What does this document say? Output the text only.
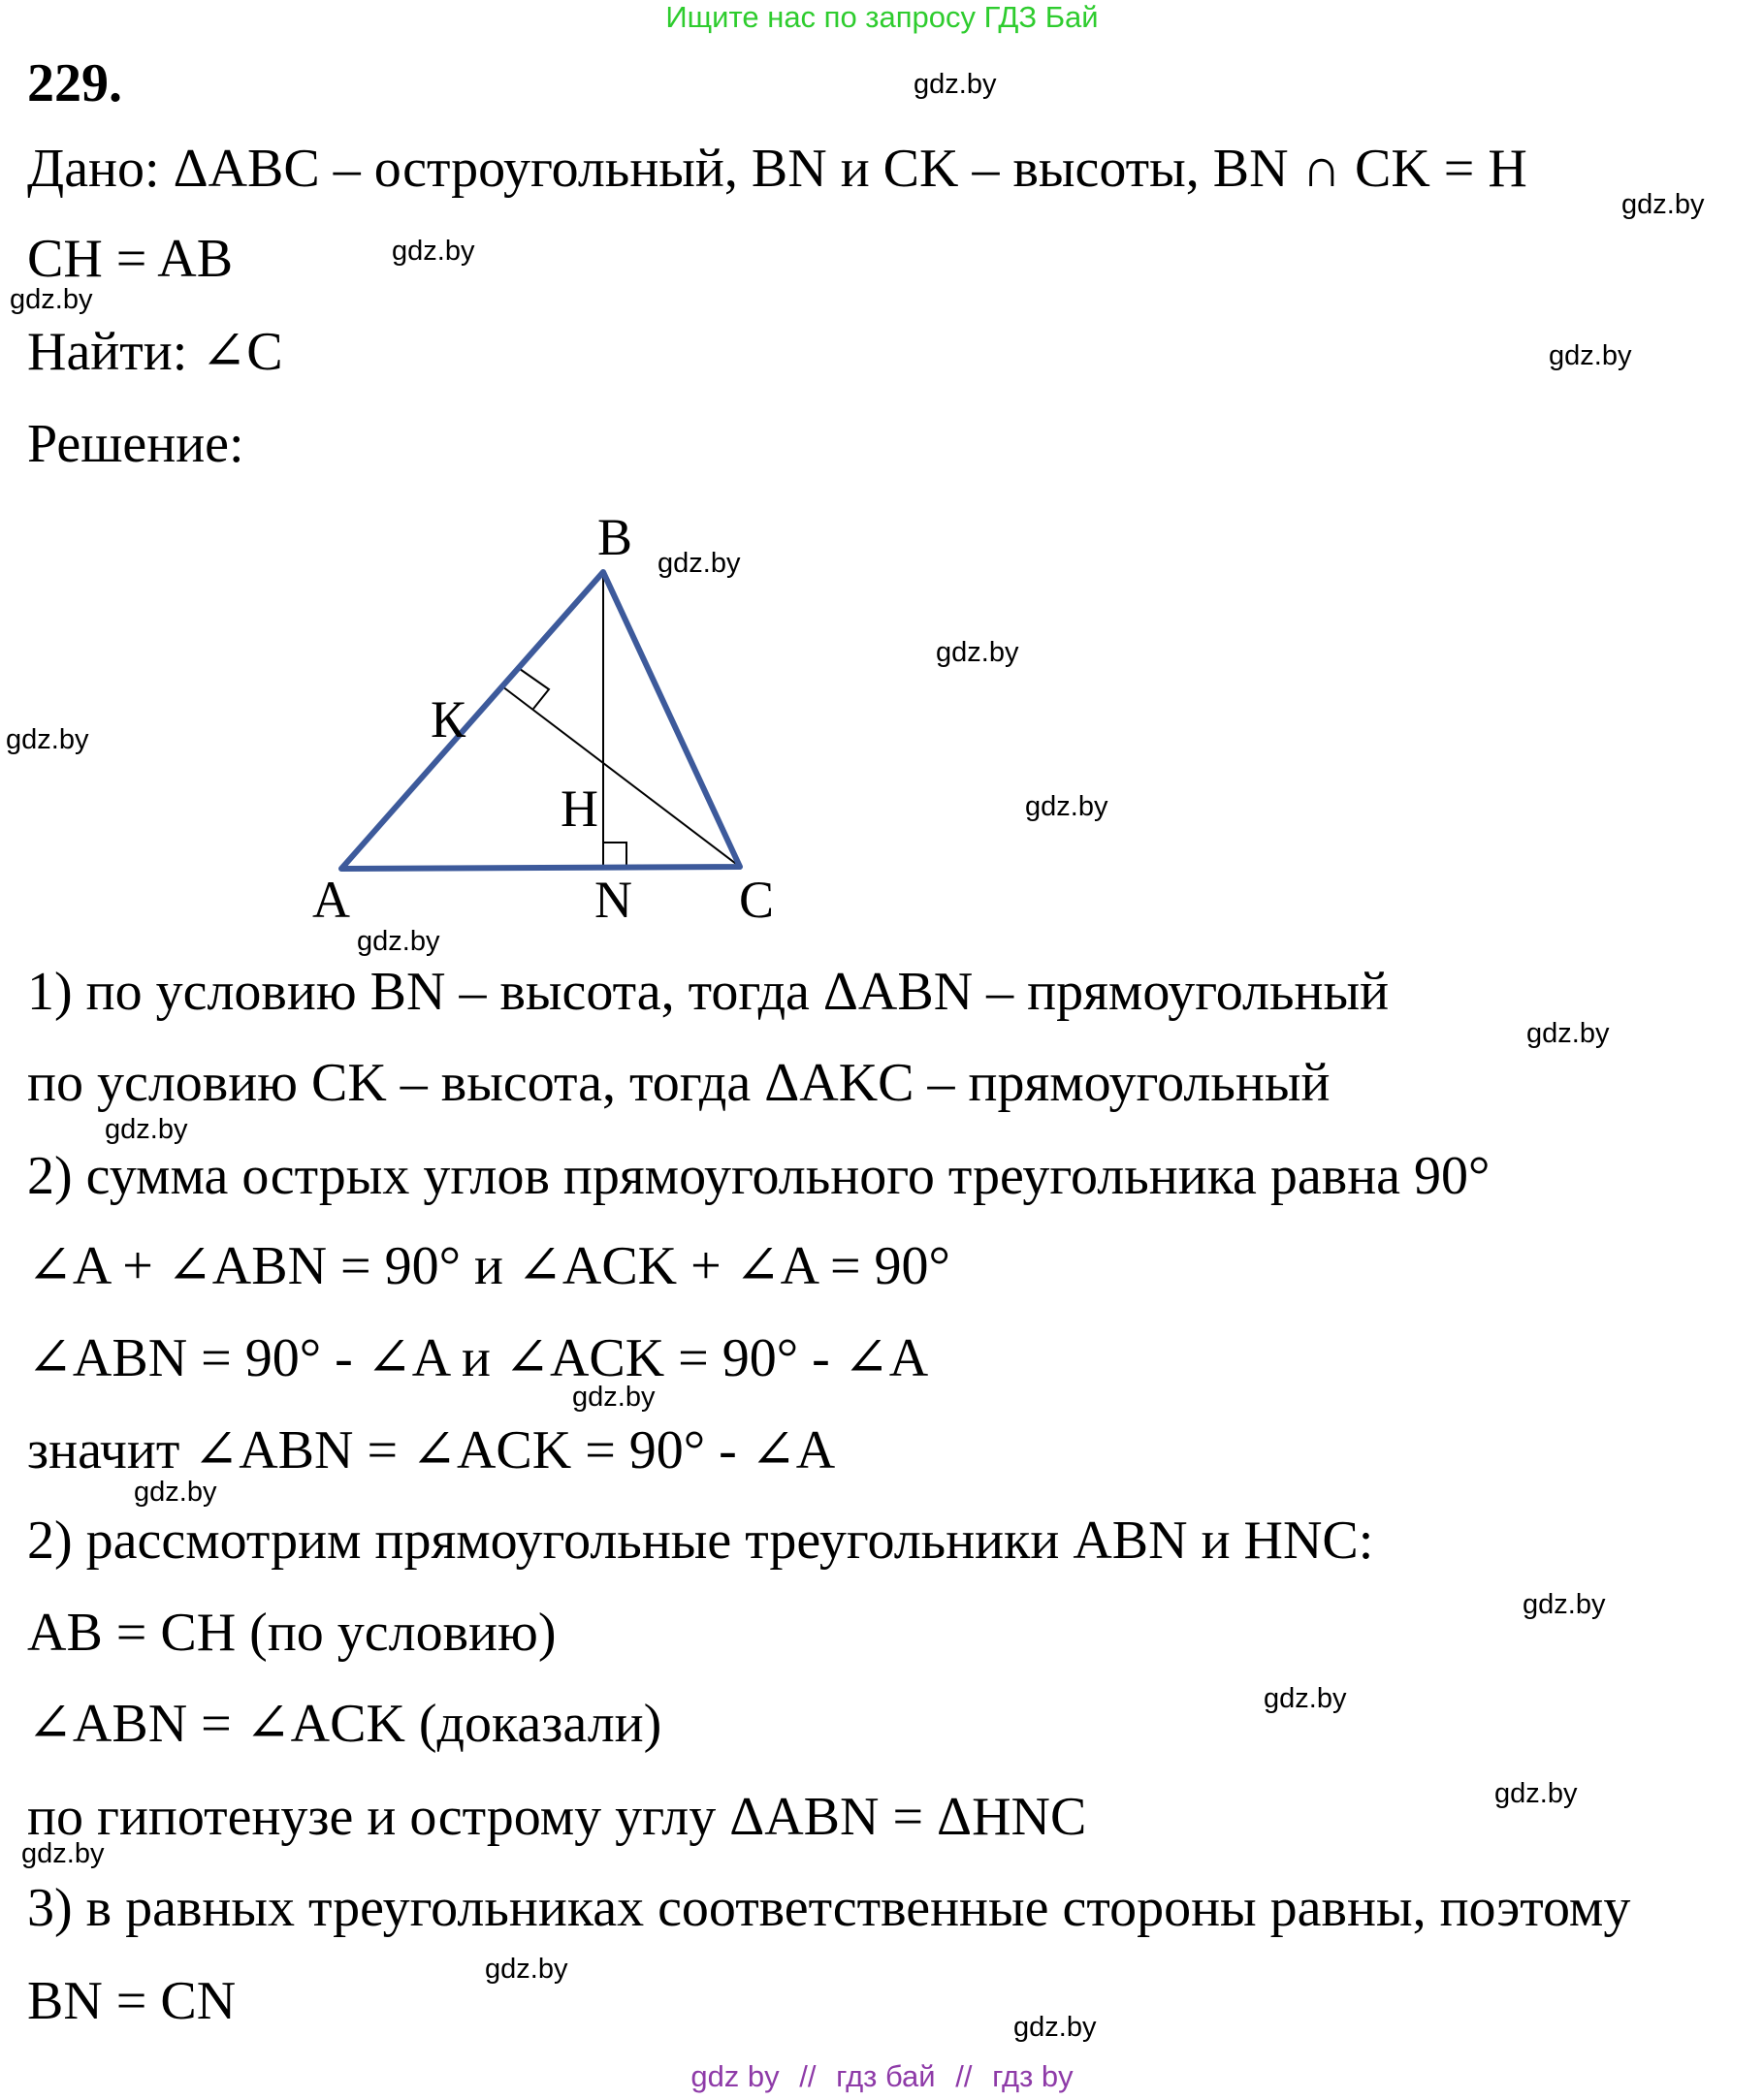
Ищите нас по запросу ГДЗ Бай
229.
Дано: ΔABC – остроугольный, BN и CK – высоты, BN ∩ CK = H
CH = AB
Найти: ∠C
Решение:
B
К
H
A	N C
1) по условию BN – высота, тогда ΔABN – прямоугольный
по условию CK – высота, тогда ΔAKC – прямоугольный
2) сумма острых углов прямоугольного треугольника равна 90°
∠A + ∠ABN = 90° и ∠ACK + ∠A = 90°
∠ABN = 90° - ∠A и ∠ACK = 90° - ∠A
значит ∠ABN = ∠ACK = 90° - ∠A
2) рассмотрим прямоугольные треугольники ABN и HNC:
AB = CH (по условию)
∠ABN = ∠ACK (доказали)
по гипотенузе и острому углу ΔABN = ΔHNC
3) в равных треугольниках соответственные стороны равны, поэтому
BN = CN
gdz.by
gdz.by
gdz.by
gdz.by
gdz.by
gdz.by
gdz.by
gdz.by
gdz.by
gdz.by
gdz.by
gdz.by
gdz.by
gdz.by
gdz.by
gdz.by
gdz.by
gdz.by
gdz.by
gdz.by
gdz by // гдз бай // гдз by
